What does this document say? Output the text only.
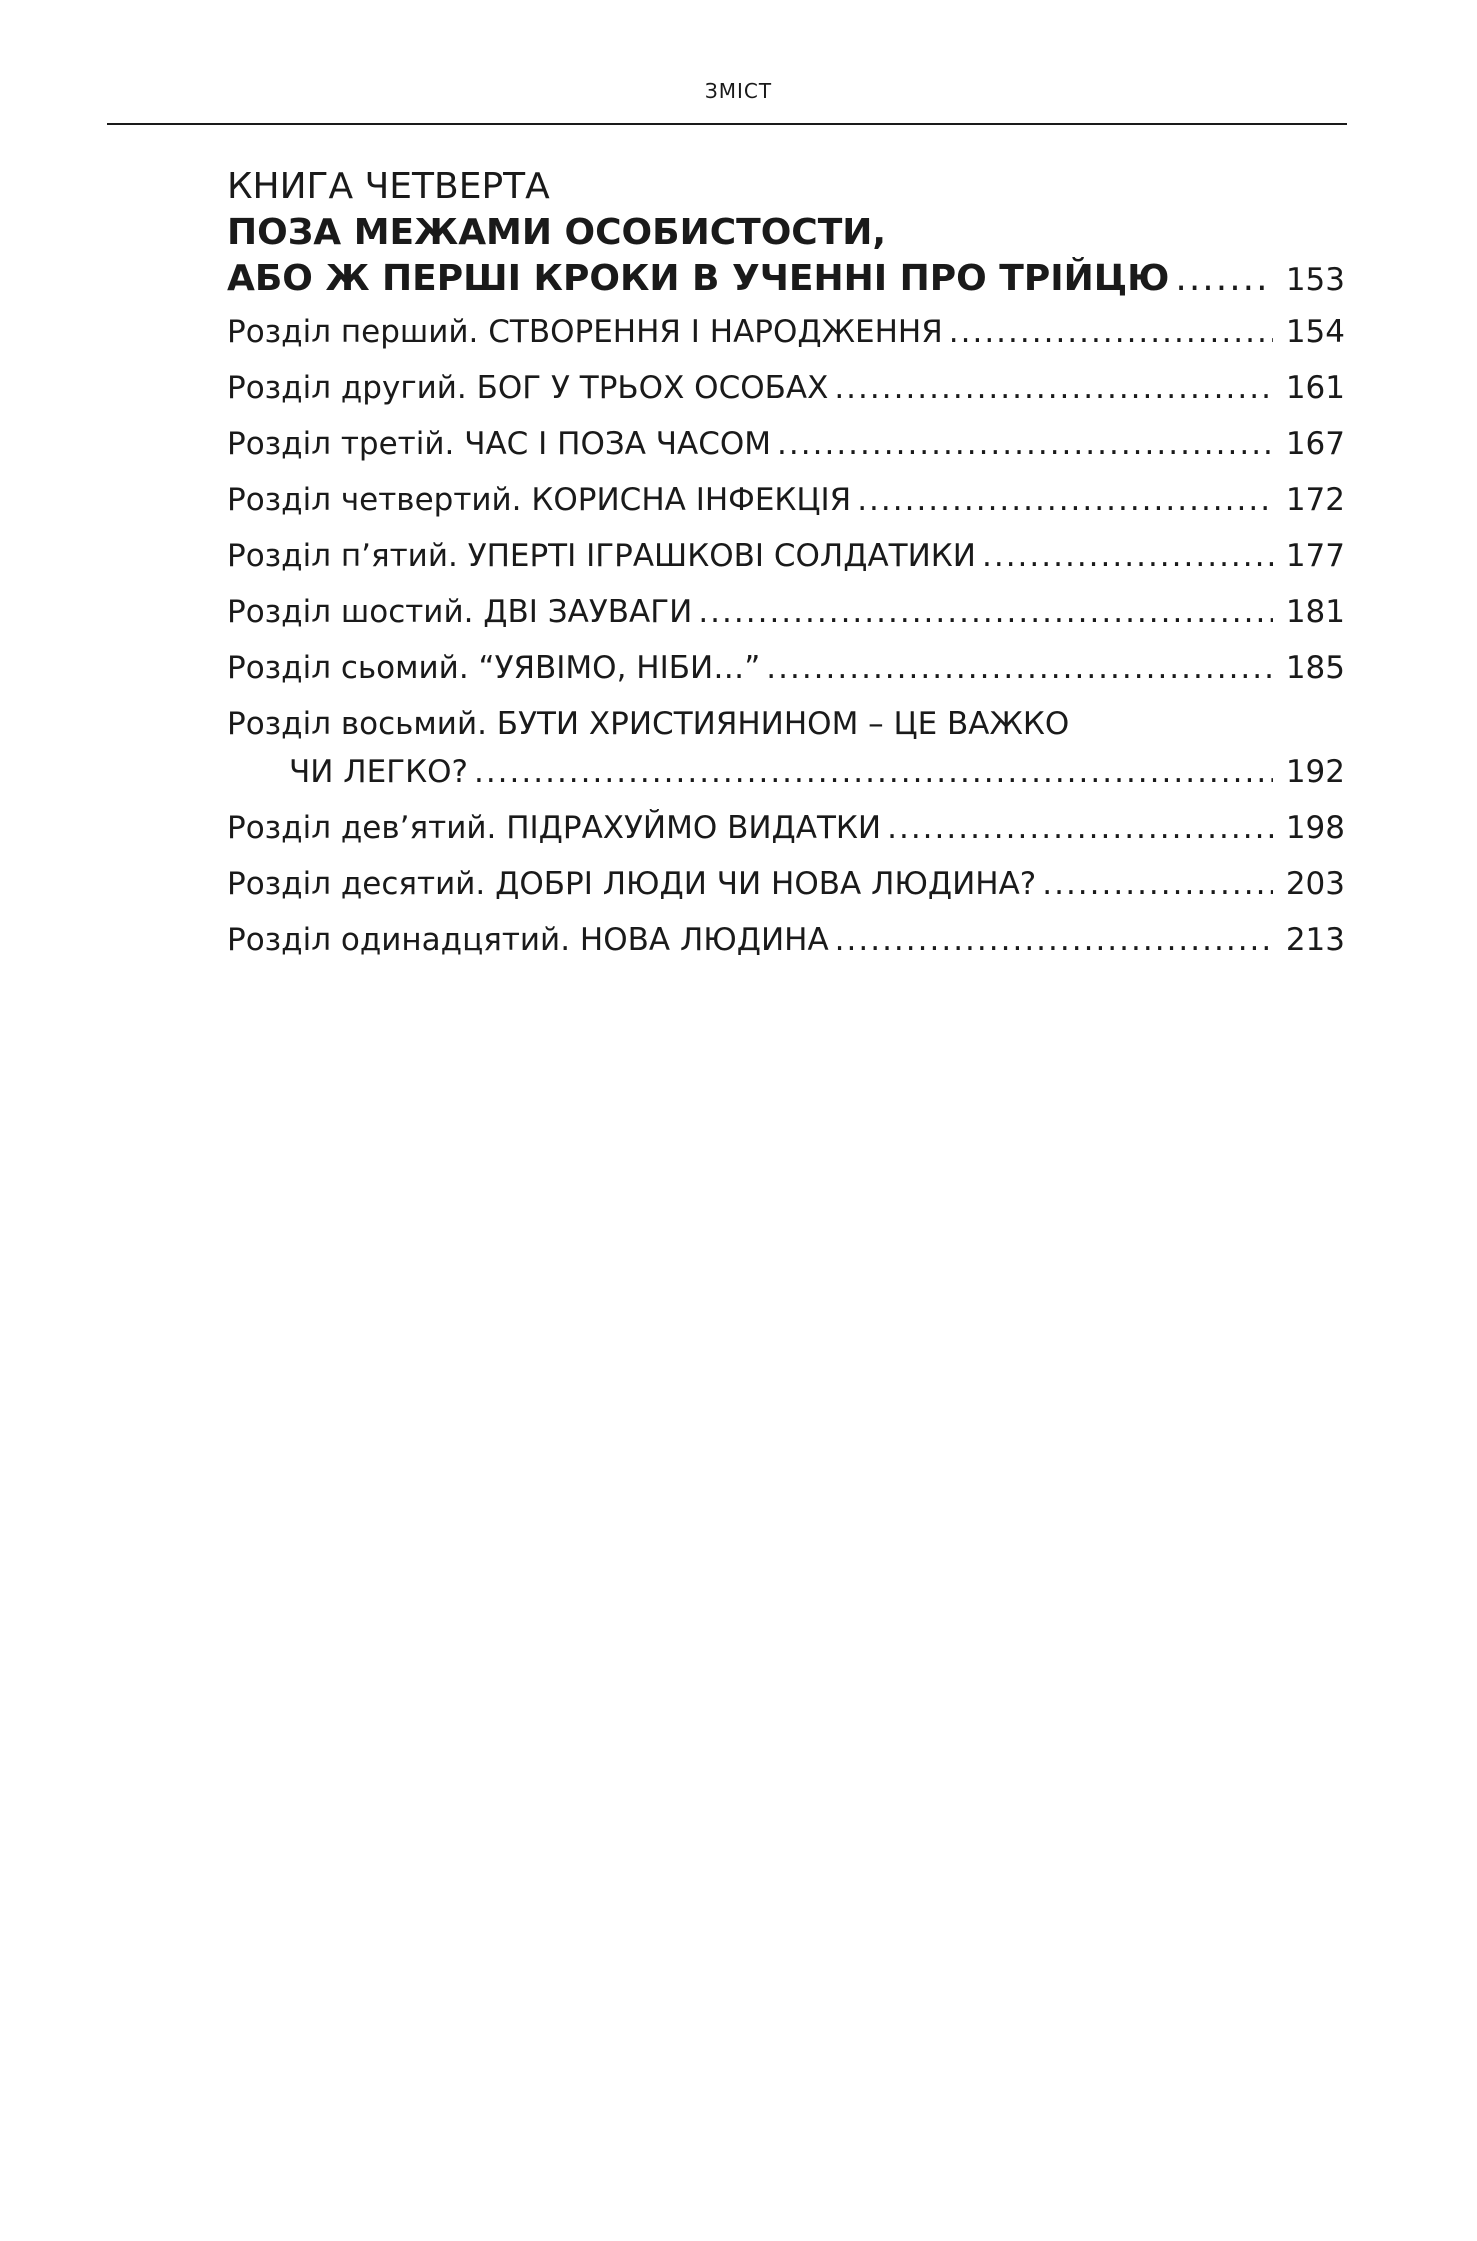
ЗМІСТ
КНИГА ЧЕТВЕРТА
ПОЗА МЕЖАМИ ОСОБИСТОСТИ,
АБО Ж ПЕРШІ КРОКИ В УЧЕННІ ПРО ТРІЙЦЮ .....	153
Розділ перший. СТВОРЕННЯ І НАРОДЖЕННЯ .....	154
Розділ другий. БОГ У ТРЬОХ ОСОБАХ .....	161
Розділ третій. ЧАС І ПОЗА ЧАСОМ .....	167
Розділ четвертий. КОРИСНА ІНФЕКЦІЯ .....	172
Розділ п’ятий. УПЕРТІ ІГРАШКОВІ СОЛДАТИКИ .....	177
Розділ шостий. ДВІ ЗАУВАГИ .....	181
Розділ сьомий. “УЯВІМО, НІБИ…” .....	185
Розділ восьмий. БУТИ ХРИСТИЯНИНОМ – ЦЕ ВАЖКО
ЧИ ЛЕГКО? .....	192
Розділ дев’ятий. ПІДРАХУЙМО ВИДАТКИ .....	198
Розділ десятий. ДОБРІ ЛЮДИ ЧИ НОВА ЛЮДИНА? .....	203
Розділ одинадцятий. НОВА ЛЮДИНА .....	213
